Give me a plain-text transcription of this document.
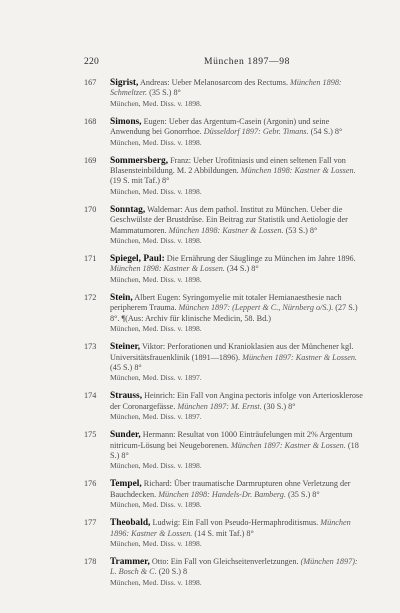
220	München 1897—98
167	Sigrist, Andreas: Ueber Melanosarcom des Rectums. München 1898: Schmeltzer. (35 S.) 8°
München, Med. Diss. v. 1898.
168	Simons, Eugen: Ueber das Argentum-Casein (Argonin) und seine Anwendung bei Gonorrhoe. Düsseldorf 1897: Gebr. Timans. (54 S.) 8°
München, Med. Diss. v. 1898.
169	Sommersberg, Franz: Ueber Urofitniasis und einen seltenen Fall von Blasensteinbildung. M. 2 Abbildungen. München 1898: Kastner & Lossen. (19 S. mit Taf.) 8°
München, Med. Diss. v. 1898.
170	Sonntag, Waldemar: Aus dem pathol. Institut zu München. Ueber die Geschwülste der Brustdrüse. Ein Beitrag zur Statistik und Aetiologie der Mammatumoren. München 1898: Kastner & Lossen. (53 S.) 8°
München, Med. Diss. v. 1898.
171	Spiegel, Paul: Die Ernährung der Säuglinge zu München im Jahre 1896. München 1898: Kastner & Lossen. (34 S.) 8°
München, Med. Diss. v. 1898.
172	Stein, Albert Eugen: Syringomyelie mit totaler Hemianaesthesie nach peripherem Trauma. München 1897: (Leppert & C., Nürnberg o/S.). (27 S.) 8°. ¶(Aus: Archiv für klinische Medicin, 58. Bd.)
München, Med. Diss. v. 1898.
173	Steiner, Viktor: Perforationen und Kranioklasien aus der Münchener kgl. Universitätsfrauenklinik (1891—1896). München 1897: Kastner & Lossen. (45 S.) 8°
München, Med. Diss. v. 1897.
174	Strauss, Heinrich: Ein Fall von Angina pectoris infolge von Arteriosklerose der Coronargefässe. München 1897: M. Ernst. (30 S.) 8°
München, Med. Diss. v. 1897.
175	Sunder, Hermann: Resultat von 1000 Einträufelungen mit 2% Argentum nitricum-Lösung bei Neugeborenen. München 1897: Kastner & Lossen. (18 S.) 8°
München, Med. Diss. v. 1898.
176	Tempel, Richard: Über traumatische Darmrupturen ohne Verletzung der Bauchdecken. München 1898: Handels-Dr. Bamberg. (35 S.) 8°
München, Med. Diss. v. 1898.
177	Theobald, Ludwig: Ein Fall von Pseudo-Hermaphroditismus. München 1896: Kastner & Lossen. (14 S. mit Taf.) 8°
München, Med. Diss. v. 1898.
178	Trammer, Otto: Ein Fall von Gleichseitenverletzungen. (München 1897): L. Bosch & C. (20 S.) 8
München, Med. Diss. v. 1898.
